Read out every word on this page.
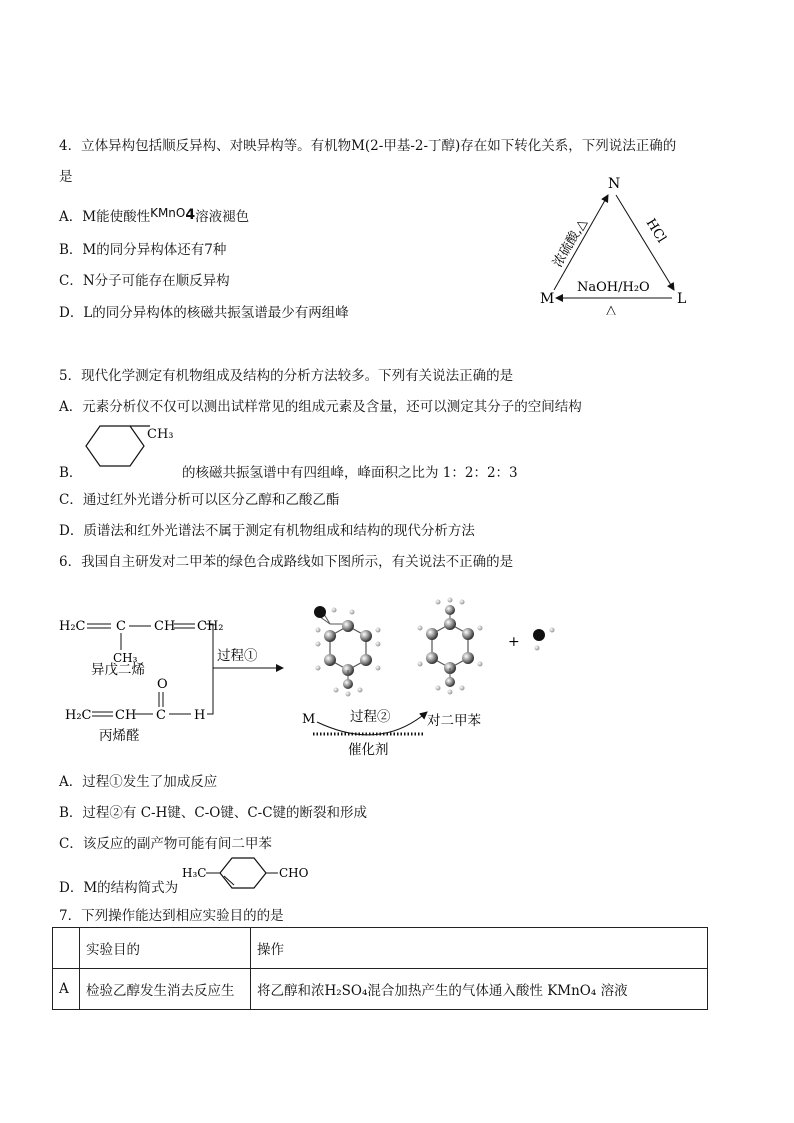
4．立体异构包括顺反异构、对映异构等。有机物M(2-甲基-2-丁醇)存在如下转化关系，下列说法正确的
是
A．M能使酸性KMnO4溶液褪色
B．M的同分异构体还有7种
C．N分子可能存在顺反异构
D．L的同分异构体的核磁共振氢谱最少有两组峰
N
M	L
浓硫酸,△	HCl
NaOH/H₂O
△
5．现代化学测定有机物组成及结构的分析方法较多。下列有关说法正确的是
A．元素分析仪不仅可以测出试样常见的组成元素及含量，还可以测定其分子的空间结构
CH₃
B．	的核磁共振氢谱中有四组峰，峰面积之比为 1：2：2：3
C．通过红外光谱分析可以区分乙醇和乙酸乙酯
D．质谱法和红外光谱法不属于测定有机物组成和结构的现代分析方法
6．我国自主研发对二甲苯的绿色合成路线如下图所示，有关说法不正确的是
H₂C C CH CH₂
CH₃
异戊二烯
O
H₂C CH C H
丙烯醛
过程①
+
M	过程②	对二甲苯
催化剂
A．过程①发生了加成反应
B．过程②有 C-H键、C-O键、C-C键的断裂和形成
C．该反应的副产物可能有间二甲苯
D．M的结构简式为
H₃C	CHO
7．下列操作能达到相应实验目的的是
	实验目的	操作
A	检验乙醇发生消去反应生	将乙醇和浓H₂SO₄混合加热产生的气体通入酸性 KMnO₄ 溶液
